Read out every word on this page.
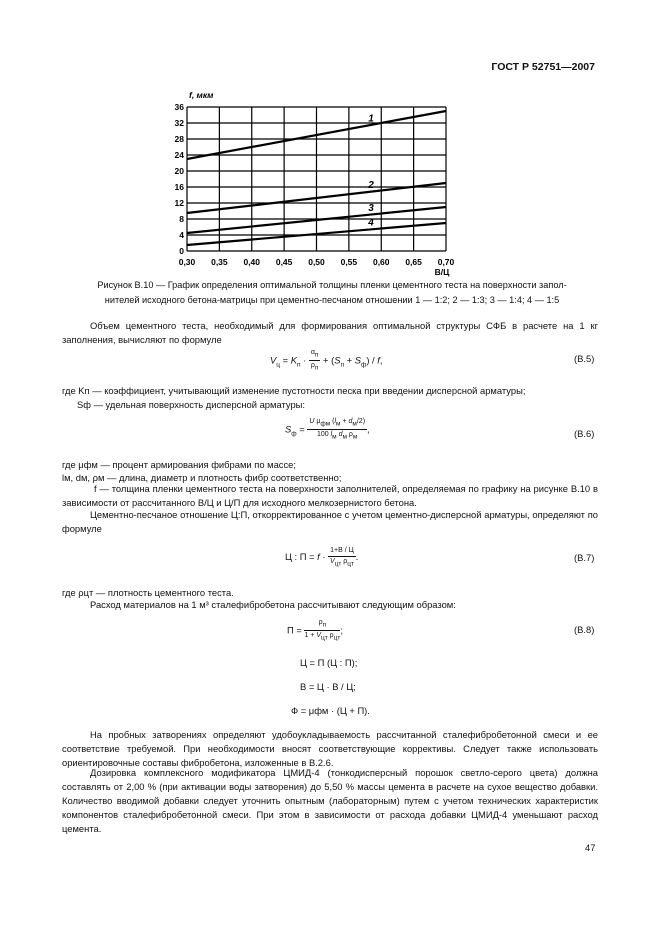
ГОСТ Р 52751—2007
0,30 0,35 0,40 0,45 0,50 0,55 0,60 0,65 0,70
0
4
8
12
16
20
24
28
32
36
f, мкм
В/Ц
1
2
3
4
Рисунок В.10 — График определения оптимальной толщины пленки цементного теста на поверхности запол-
нителей исходного бетона-матрицы при цементно-песчаном отношении 1 — 1:2; 2 — 1:3; 3 — 1:4; 4 — 1:5
Объем цементного теста, необходимый для формирования оптимальной структуры СФБ в расчете на 1 кг заполнения, вычисляют по формуле
$V_ц = K_п \cdot \frac{\alpha_п}{\rho_п} + (S_п + S_ф) / f$,	(В.5)
где Kп — коэффициент, учитывающий изменение пустотности песка при введении дисперсной арматуры;
Sф — удельная поверхность дисперсной арматуры:
$S_ф = \frac{U \mu_{фм} (l_м + d_м/2)}{100 l_м d_м \rho_м}$ ,	(В.6)
где μфм — процент армирования фибрами по массе;
lм, dм, ρм — длина, диаметр и плотность фибр соответственно;
f — толщина пленки цементного теста на поверхности заполнителей, определяемая по графику на рисунке В.10 в зависимости от рассчитанного В/Ц и Ц/П для исходного мелкозернистого бетона.
Цементно-песчаное отношение Ц:П, откорректированное с учетом цементно-дисперсной арматуры, определяют по формуле
Ц : $П = f \cdot \frac{1+В / Ц}{V_{цт} \rho_{цт}}$ .	(В.7)
где ρцт — плотность цементного теста.
Расход материалов на 1 м³ сталефибробетона рассчитывают следующим образом:
$П = \frac{\rho_п}{1 + V_{цт} \rho_{цт}}$ ;	(В.8)
Ц = П (Ц : П);
В = Ц · В / Ц;
Ф = μфм · (Ц + П).
На пробных затворениях определяют удобоукладываемость рассчитанной сталефибробетонной смеси и ее соответствие требуемой. При необходимости вносят соответствующие коррективы. Следует также использовать ориентировочные составы фибробетона, изложенные в В.2.6.
Дозировка комплексного модификатора ЦМИД-4 (тонкодисперсный порошок светло-серого цвета) должна составлять от 2,00 % (при активации воды затворения) до 5,50 % массы цемента в расчете на сухое вещество добавки. Количество вводимой добавки следует уточнить опытным (лабораторным) путем с учетом технических характеристик компонентов сталефибробетонной смеси. При этом в зависимости от расхода добавки ЦМИД-4 уменьшают расход цемента.
47
